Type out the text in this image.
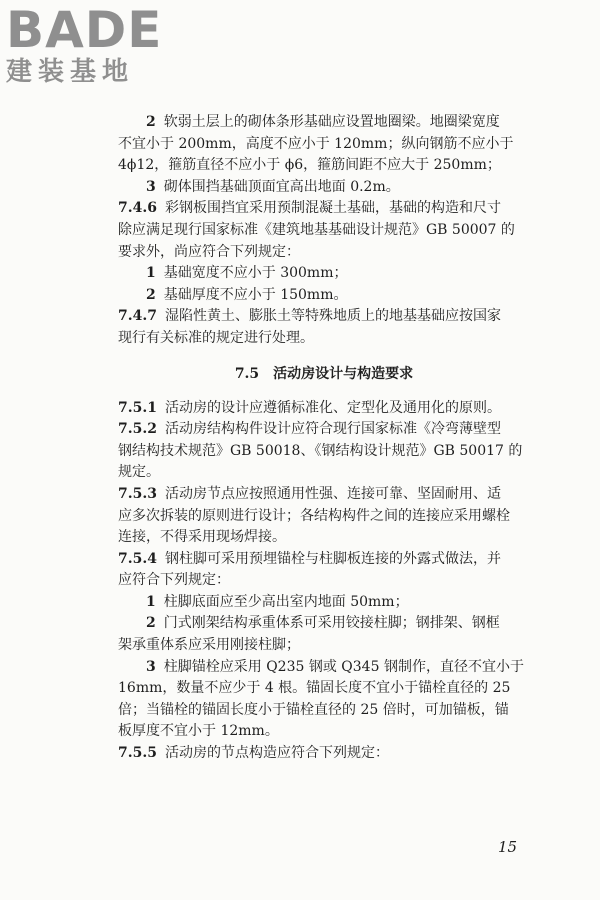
BADE
建装基地
2 软弱土层上的砌体条形基础应设置地圈梁。地圈梁宽度
不宜小于 200mm，高度不应小于 120mm；纵向钢筋不应小于
4ϕ12，箍筋直径不应小于 ϕ6，箍筋间距不应大于 250mm；
3 砌体围挡基础顶面宜高出地面 0.2m。
7.4.6 彩钢板围挡宜采用预制混凝土基础，基础的构造和尺寸
除应满足现行国家标准《建筑地基基础设计规范》GB 50007 的
要求外，尚应符合下列规定：
1 基础宽度不应小于 300mm；
2 基础厚度不应小于 150mm。
7.4.7 湿陷性黄土、膨胀土等特殊地质上的地基基础应按国家
现行有关标准的规定进行处理。
7.5　活动房设计与构造要求
7.5.1 活动房的设计应遵循标准化、定型化及通用化的原则。
7.5.2 活动房结构构件设计应符合现行国家标准《冷弯薄壁型
钢结构技术规范》GB 50018、《钢结构设计规范》GB 50017 的
规定。
7.5.3 活动房节点应按照通用性强、连接可靠、坚固耐用、适
应多次拆装的原则进行设计；各结构构件之间的连接应采用螺栓
连接，不得采用现场焊接。
7.5.4 钢柱脚可采用预埋锚栓与柱脚板连接的外露式做法，并
应符合下列规定：
1 柱脚底面应至少高出室内地面 50mm；
2 门式刚架结构承重体系可采用铰接柱脚；钢排架、钢框
架承重体系应采用刚接柱脚；
3 柱脚锚栓应采用 Q235 钢或 Q345 钢制作，直径不宜小于
16mm，数量不应少于 4 根。锚固长度不宜小于锚栓直径的 25
倍；当锚栓的锚固长度小于锚栓直径的 25 倍时，可加锚板，锚
板厚度不宜小于 12mm。
7.5.5 活动房的节点构造应符合下列规定：
15
